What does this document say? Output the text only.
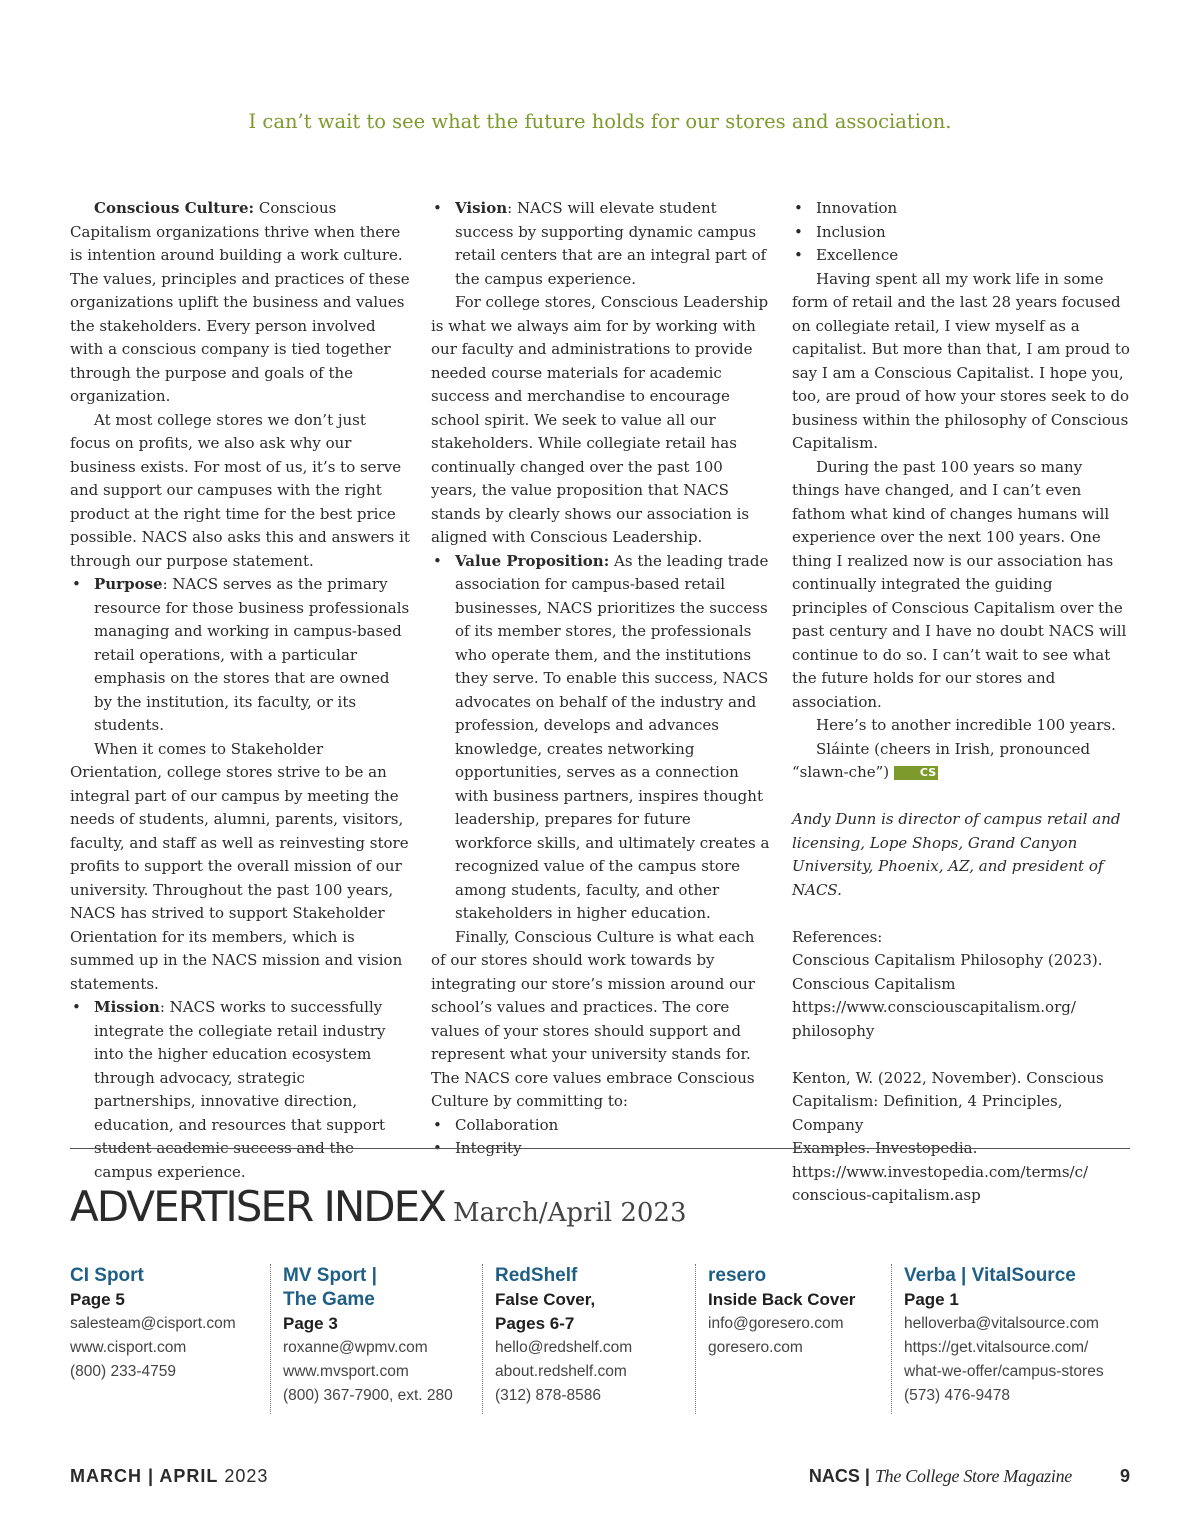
I can’t wait to see what the future holds for our stores and association.

Conscious Culture: Conscious Capitalism organizations thrive when there is intention around building a work culture. The values, principles and practices of these organizations uplift the business and values the stakeholders. Every person involved with a conscious company is tied together through the purpose and goals of the organization.

At most college stores we don’t just focus on profits, we also ask why our business exists. For most of us, it’s to serve and support our campuses with the right product at the right time for the best price possible. NACS also asks this and answers it through our purpose statement.

• Purpose: NACS serves as the primary resource for those business professionals managing and working in campus-based retail operations, with a particular emphasis on the stores that are owned by the institution, its faculty, or its students.

When it comes to Stakeholder Orientation, college stores strive to be an integral part of our campus by meeting the needs of students, alumni, parents, visitors, faculty, and staff as well as reinvesting store profits to support the overall mission of our university. Throughout the past 100 years, NACS has strived to support Stakeholder Orientation for its members, which is summed up in the NACS mission and vision statements.

• Mission: NACS works to successfully integrate the collegiate retail industry into the higher education ecosystem through advocacy, strategic partnerships, innovative direction, education, and resources that support student academic success and the campus experience.
• Vision: NACS will elevate student success by supporting dynamic campus retail centers that are an integral part of the campus experience.

For college stores, Conscious Leadership is what we always aim for by working with our faculty and administrations to provide needed course materials for academic success and merchandise to encourage school spirit. We seek to value all our stakeholders. While collegiate retail has continually changed over the past 100 years, the value proposition that NACS stands by clearly shows our association is aligned with Conscious Leadership.

• Value Proposition: As the leading trade association for campus-based retail businesses, NACS prioritizes the success of its member stores, the professionals who operate them, and the institutions they serve. To enable this success, NACS advocates on behalf of the industry and profession, develops and advances knowledge, creates networking opportunities, serves as a connection with business partners, inspires thought leadership, prepares for future workforce skills, and ultimately creates a recognized value of the campus store among students, faculty, and other stakeholders in higher education.

Finally, Conscious Culture is what each of our stores should work towards by integrating our store’s mission around our school’s values and practices. The core values of your stores should support and represent what your university stands for. The NACS core values embrace Conscious Culture by committing to:

• Collaboration
• Integrity
• Innovation
• Inclusion
• Excellence

Having spent all my work life in some form of retail and the last 28 years focused on collegiate retail, I view myself as a capitalist. But more than that, I am proud to say I am a Conscious Capitalist. I hope you, too, are proud of how your stores seek to do business within the philosophy of Conscious Capitalism.

During the past 100 years so many things have changed, and I can’t even fathom what kind of changes humans will experience over the next 100 years. One thing I realized now is our association has continually integrated the guiding principles of Conscious Capitalism over the past century and I have no doubt NACS will continue to do so. I can’t wait to see what the future holds for our stores and association.

Here’s to another incredible 100 years.

Sláinte (cheers in Irish, pronounced “slawn-che”)	CS

Andy Dunn is director of campus retail and licensing, Lope Shops, Grand Canyon University, Phoenix, AZ, and president of NACS.

References:

Conscious Capitalism Philosophy (2023).
Conscious Capitalism
https://www.consciouscapitalism.org/
philosophy
Kenton, W. (2022, November). Conscious
Capitalism: Definition, 4 Principles, Company
Examples. Investopedia.
https://www.investopedia.com/terms/c/
conscious-capitalism.asp
ADVERTISER INDEX March/April 2023
CI Sport
Page 5
salesteam@cisport.com
www.cisport.com
(800) 233-4759
MV Sport |
The Game
Page 3
roxanne@wpmv.com
www.mvsport.com
(800) 367-7900, ext. 280
RedShelf
False Cover,
Pages 6-7
hello@redshelf.com
about.redshelf.com
(312) 878-8586
resero
Inside Back Cover
info@goresero.com
goresero.com
Verba | VitalSource
Page 1
helloverba@vitalsource.com
https://get.vitalsource.com/
what-we-offer/campus-stores
(573) 476-9478
MARCH | APRIL 2023	NACS | The College Store Magazine	9
